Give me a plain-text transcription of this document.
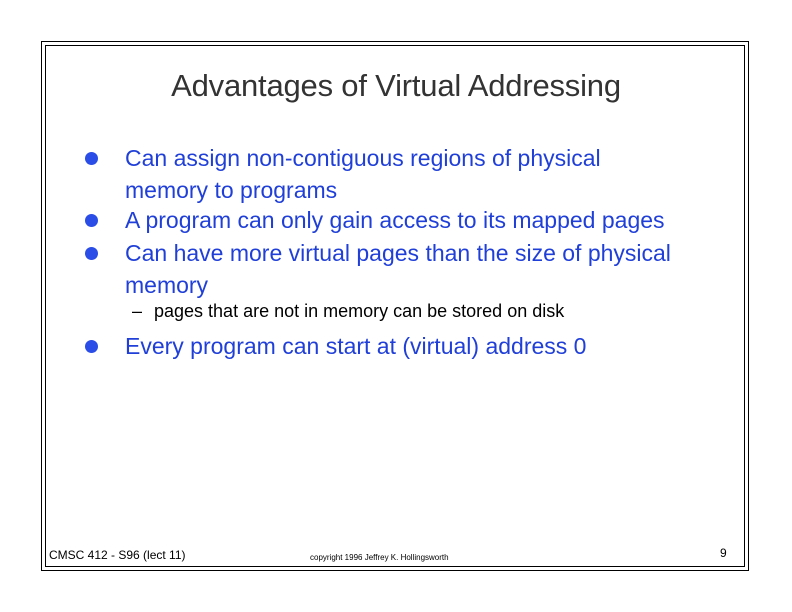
Advantages of Virtual Addressing
Can assign non-contiguous regions of physical
memory to programs
A program can only gain access to its mapped pages
Can have more virtual pages than the size of physical
memory
– pages that are not in memory can be stored on disk
Every program can start at (virtual) address 0
CMSC 412 - S96 (lect 11)	copyright 1996 Jeffrey K. Hollingsworth	9
